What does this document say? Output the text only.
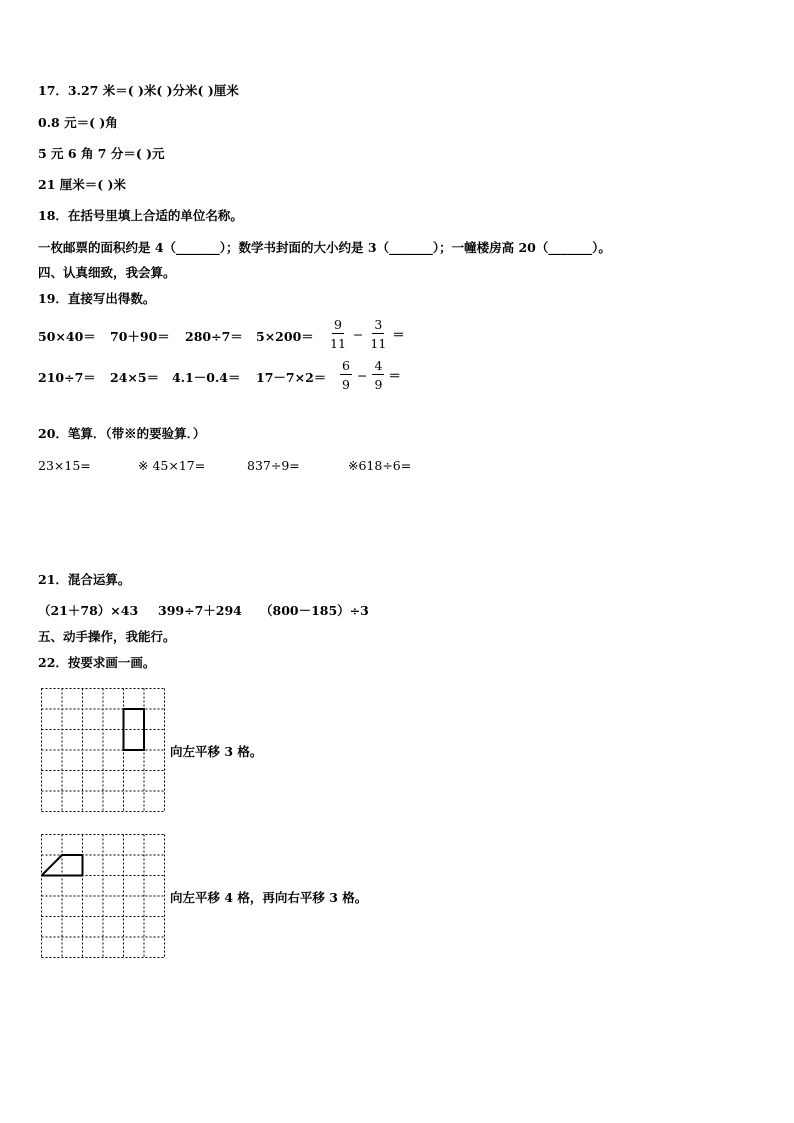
17．3.27 米＝( )米( )分米( )厘米
0.8 元＝( )角
5 元 6 角 7 分＝( )元
21 厘米＝( )米
18．在括号里填上合适的单位名称。
一枚邮票的面积约是 4（_______）；数学书封面的大小约是 3（_______）；一幢楼房高 20（_______）。
四、认真细致，我会算。
19．直接写出得数。
$50\times 40= 70+90= 280\div 7= 5\times 200= \frac{9}{11} - \frac{3}{11}$ ＝
$210\div 7= 24\times 5= 4.1-0.4= 17-7\times 2= \frac{6}{9} - \frac{4}{9}$ ＝
20．笔算．（带※的要验算．）
23×15=	※ 45×17=	837÷9=	※618÷6=
21．混合运算。
（21＋78）×43 399÷7＋294 （800－185）÷3
五、动手操作，我能行。
22．按要求画一画。
向左平移 3 格。
向左平移 4 格，再向右平移 3 格。
